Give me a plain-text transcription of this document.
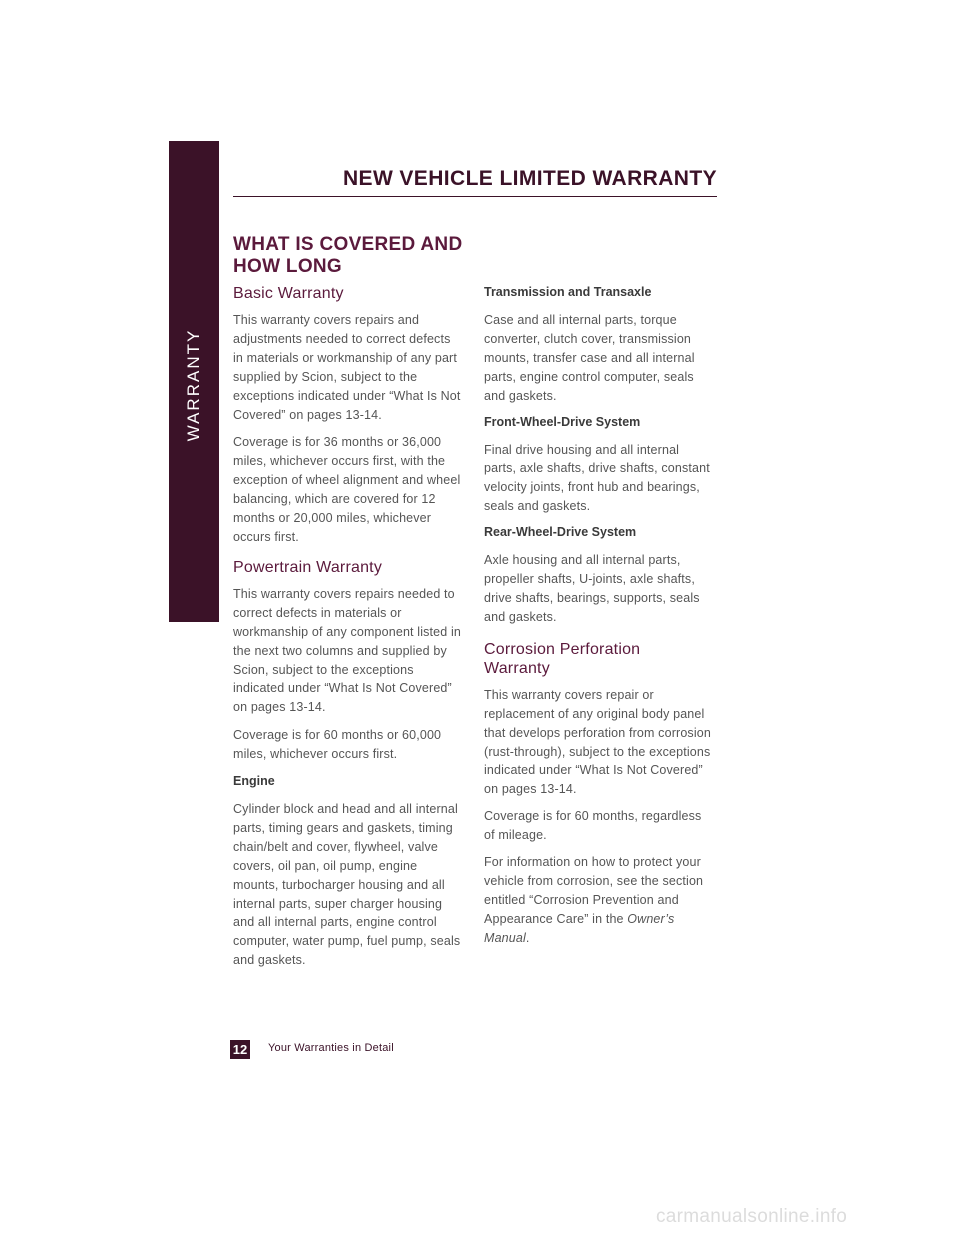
WARRANTY
NEW VEHICLE LIMITED WARRANTY
WHAT IS COVERED AND
HOW LONG
Basic Warranty

This warranty covers repairs and adjustments needed to correct defects in materials or workmanship of any part supplied by Scion, subject to the exceptions indicated under “What Is Not Covered” on pages 13-14.

Coverage is for 36 months or 36,000 miles, whichever occurs first, with the exception of wheel alignment and wheel balancing, which are covered for 12 months or 20,000 miles, whichever occurs first.

Powertrain Warranty

This warranty covers repairs needed to correct defects in materials or workmanship of any component listed in the next two columns and supplied by Scion, subject to the exceptions indicated under “What Is Not Covered” on pages 13-14.

Coverage is for 60 months or 60,000 miles, whichever occurs first.

Engine

Cylinder block and head and all internal parts, timing gears and gaskets, timing chain/belt and cover, flywheel, valve covers, oil pan, oil pump, engine mounts, turbocharger housing and all internal parts, super charger housing and all internal parts, engine control computer, water pump, fuel pump, seals and gaskets.

Transmission and Transaxle

Case and all internal parts, torque converter, clutch cover, transmission mounts, transfer case and all internal parts, engine control computer, seals and gaskets.

Front-Wheel-Drive System

Final drive housing and all internal parts, axle shafts, drive shafts, constant velocity joints, front hub and bearings, seals and gaskets.

Rear-Wheel-Drive System

Axle housing and all internal parts, propeller shafts, U-joints, axle shafts, drive shafts, bearings, supports, seals and gaskets.

Corrosion Perforation
Warranty

This warranty covers repair or replacement of any original body panel that develops perforation from corrosion (rust-through), subject to the exceptions indicated under “What Is Not Covered” on pages 13-14.

Coverage is for 60 months, regardless of mileage.

For information on how to protect your vehicle from corrosion, see the section entitled “Corrosion Prevention and Appearance Care” in the Owner’s Manual.

12 Your Warranties in Detail
carmanualsonline.info
